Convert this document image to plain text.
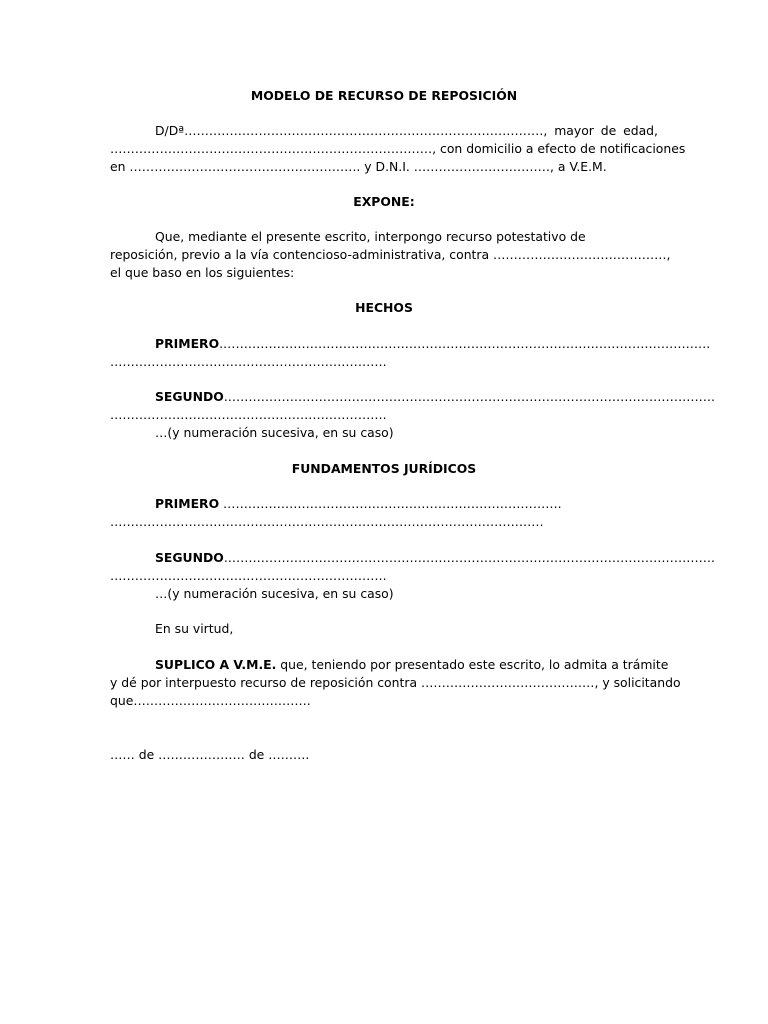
MODELO DE RECURSO DE REPOSICIÓN
D/Dª……………………………………………………………………………, mayor de edad,
……………………………………………………………………, con domicilio a efecto de notificaciones
en ……………………………………………….. y D.N.I. ……………………………, a V.E.M.
EXPONE:
Que, mediante el presente escrito, interpongo recurso potestativo de
reposición, previo a la vía contencioso-administrativa, contra ……………………………………,
el que baso en los siguientes:
HECHOS
PRIMERO.……………………………………………………………………………………………………….
………………………………………………………….
SEGUNDO.……………………………………………………………………………………………………….
………………………………………………………….
…(y numeración sucesiva, en su caso)
FUNDAMENTOS JURÍDICOS
PRIMERO ……………………………………………………………………….
……………………………………………………………………………………………
SEGUNDO.……………………………………………………………………………………………………….
………………………………………………………….
…(y numeración sucesiva, en su caso)
En su virtud,
SUPLICO A V.M.E. que, teniendo por presentado este escrito, lo admita a trámite
y dé por interpuesto recurso de reposición contra ……………………………………, y solicitando
que…………………………………….
…… de ………………… de ……….
